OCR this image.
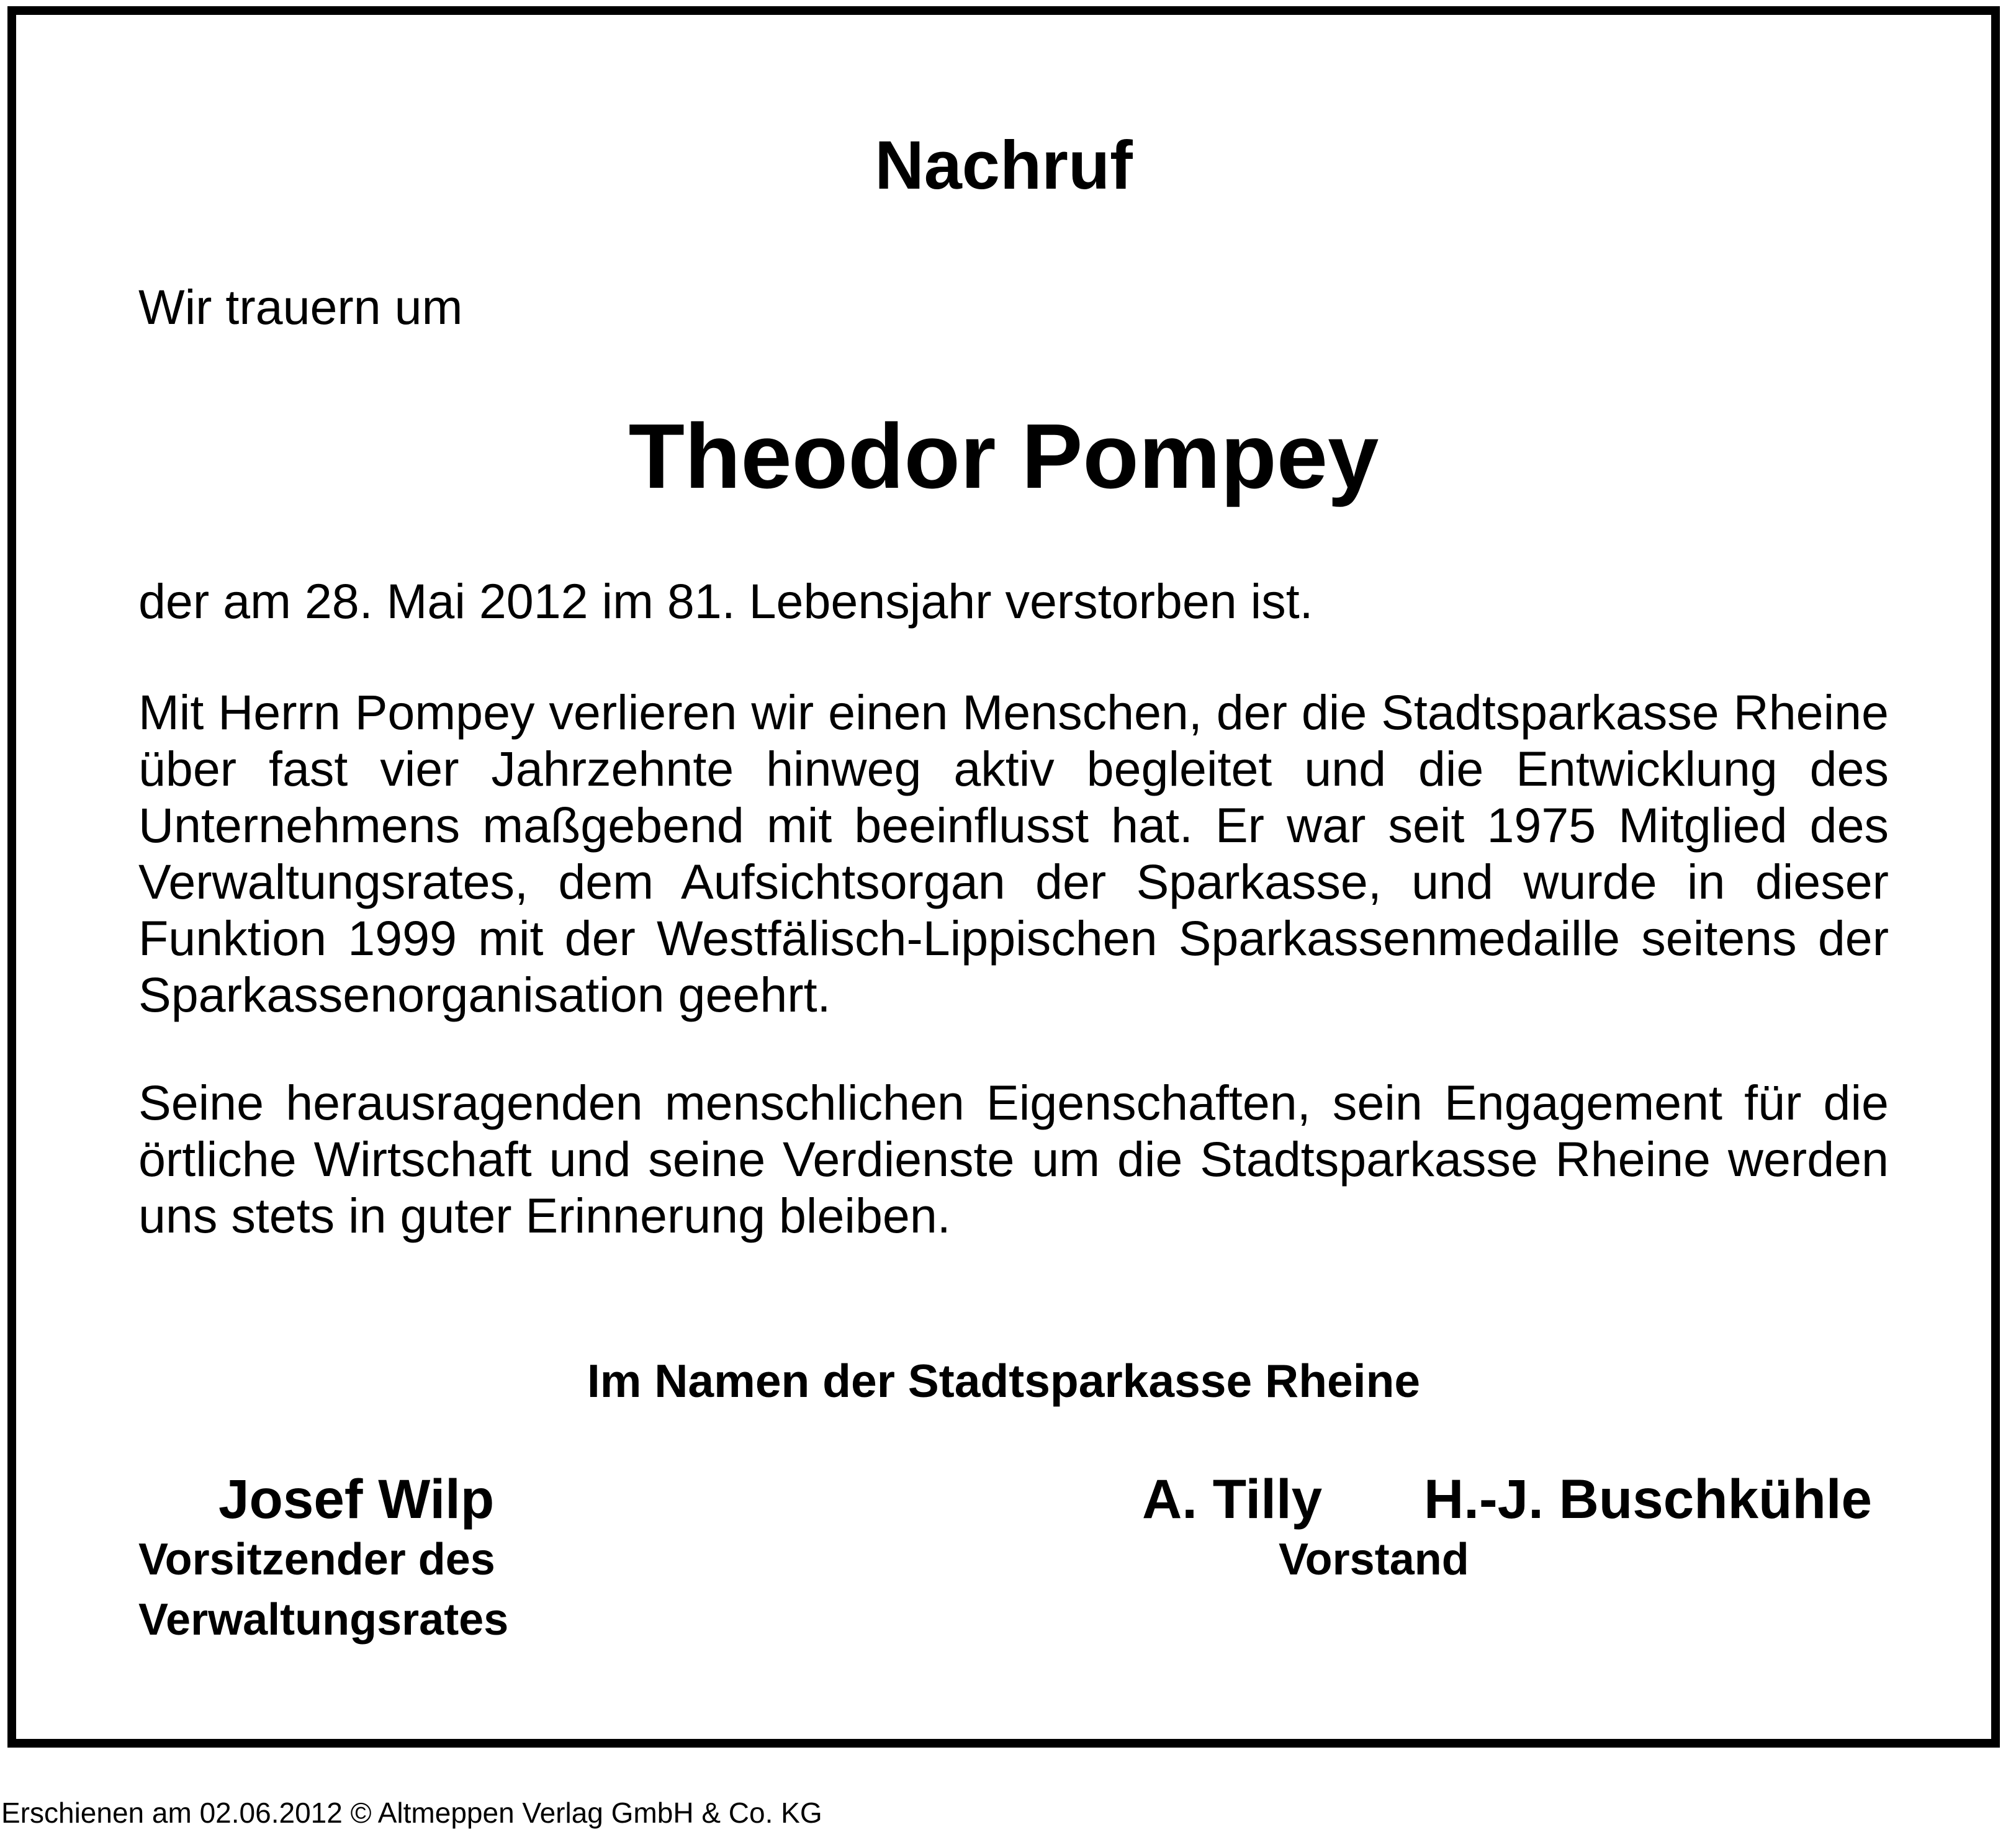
Nachruf

Wir trauern um

Theodor Pompey

der am 28. Mai 2012 im 81. Lebensjahr verstorben ist.

Mit Herrn Pompey verlieren wir einen Menschen, der die Stadtsparkasse Rheine über fast vier Jahrzehnte hinweg aktiv begleitet und die Entwicklung des Unternehmens maßgebend mit beeinflusst hat. Er war seit 1975 Mitglied des Verwaltungsrates, dem Aufsichtsorgan der Sparkasse, und wurde in dieser Funktion 1999 mit der Westfälisch-Lippischen Sparkassenmedaille seitens der Sparkassenorganisation geehrt.

Seine herausragenden menschlichen Eigenschaften, sein Engagement für die örtliche Wirtschaft und seine Verdienste um die Stadtsparkasse Rheine werden uns stets in guter Erinnerung bleiben.

Im Namen der Stadtsparkasse Rheine

Josef Wilp
Vorsitzender des
Verwaltungsrates
A. Tilly H.-J. Buschkühle
Vorstand

Erschienen am 02.06.2012 © Altmeppen Verlag GmbH & Co. KG
